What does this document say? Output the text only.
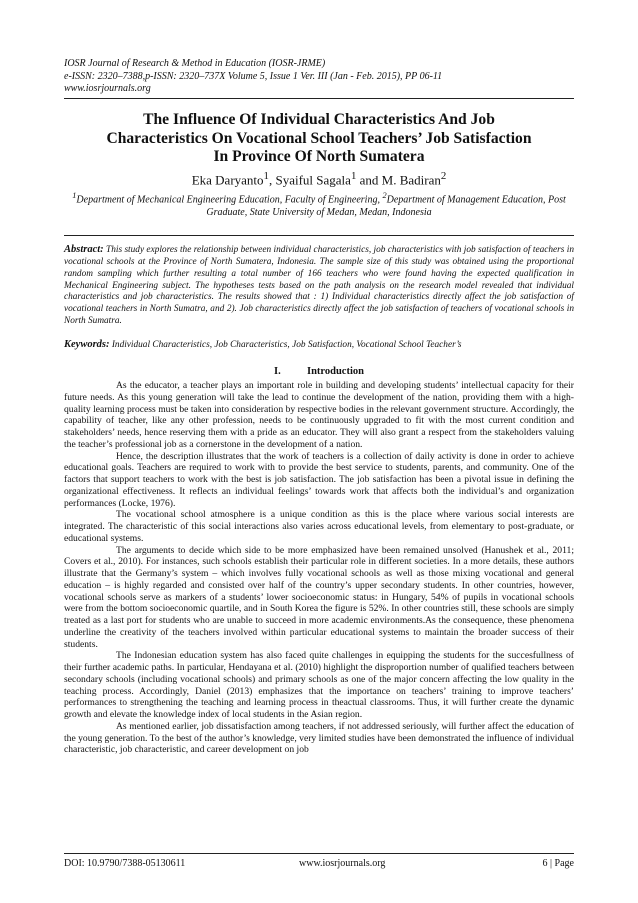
IOSR Journal of Research & Method in Education (IOSR-JRME)
e-ISSN: 2320–7388,p-ISSN: 2320–737X Volume 5, Issue 1 Ver. III (Jan - Feb. 2015), PP 06-11
www.iosrjournals.org
The Influence Of Individual Characteristics And Job
Characteristics On Vocational School Teachers’ Job Satisfaction
In Province Of North Sumatera
Eka Daryanto$^1$, Syaiful Sagala$^1$ and M. Badiran$^2$
$^1$Department of Mechanical Engineering Education, Faculty of Engineering, $^2$Department of Management Education, Post Graduate, State University of Medan, Medan, Indonesia
Abstract: This study explores the relationship between individual characteristics, job characteristics with job satisfaction of teachers in vocational schools at the Province of North Sumatera, Indonesia. The sample size of this study was obtained using the proportional random sampling which further resulting a total number of 166 teachers who were found having the expected qualification in Mechanical Engineering subject. The hypotheses tests based on the path analysis on the research model revealed that individual characteristics and job characteristics. The results showed that : 1) Individual characteristics directly affect the job satisfaction of vocational teachers in North Sumatra, and 2). Job characteristics directly affect the job satisfaction of teachers of vocational schools in North Sumatra.
Keywords: Individual Characteristics, Job Characteristics, Job Satisfaction, Vocational School Teacher’s
I.          Introduction

As the educator, a teacher plays an important role in building and developing students’ intellectual capacity for their future needs. As this young generation will take the lead to continue the development of the nation, providing them with a high-quality learning process must be taken into consideration by respective bodies in the relevant government structure. Accordingly, the capability of teacher, like any other profession, needs to be continuously upgraded to fit with the most current condition and stakeholders’ needs, hence reserving them with a pride as an educator. They will also grant a respect from the stakeholders valuing the teacher’s professional job as a cornerstone in the development of a nation.

Hence, the description illustrates that the work of teachers is a collection of daily activity is done in order to achieve educational goals. Teachers are required to work with to provide the best service to students, parents, and community. One of the factors that support teachers to work with the best is job satisfaction. The job satisfaction has been a pivotal issue in defining the organizational effectiveness. It reflects an individual feelings’ towards work that affects both the individual’s and organization performances (Locke, 1976).

The vocational school atmosphere is a unique condition as this is the place where various social interests are integrated. The characteristic of this social interactions also varies across educational levels, from elementary to post-graduate, or educational systems.

The arguments to decide which side to be more emphasized have been remained unsolved (Hanushek et al., 2011; Covers et al., 2010). For instances, such schools establish their particular role in different societies. In a more details, these authors illustrate that the Germany’s system – which involves fully vocational schools as well as those mixing vocational and general education – is highly regarded and consisted over half of the country’s upper secondary students. In other countries, however, vocational schools serve as markers of a students’ lower socioeconomic status: in Hungary, 54% of pupils in vocational schools were from the bottom socioeconomic quartile, and in South Korea the figure is 52%. In other countries still, these schools are simply treated as a last port for students who are unable to succeed in more academic environments.As the consequence, these phenomena underline the creativity of the teachers involved within particular educational systems to maintain the broader success of their students.

The Indonesian education system has also faced quite challenges in equipping the students for the succesfullness of their further academic paths. In particular, Hendayana et al. (2010) highlight the disproportion number of qualified teachers between secondary schools (including vocational schools) and primary schools as one of the major concern affecting the low quality in the teaching process. Accordingly, Daniel (2013) emphasizes that the importance on teachers’ training to improve teachers’ performances to strengthening the teaching and learning process in theactual classrooms. Thus, it will further create the dynamic growth and elevate the knowledge index of local students in the Asian region.

As mentioned earlier, job dissatisfaction among teachers, if not addressed seriously, will further affect the education of the young generation. To the best of the author’s knowledge, very limited studies have been demonstrated the influence of individual characteristic, job characteristic, and career development on job

DOI: 10.9790/7388-05130611	www.iosrjournals.org	6 | Page
